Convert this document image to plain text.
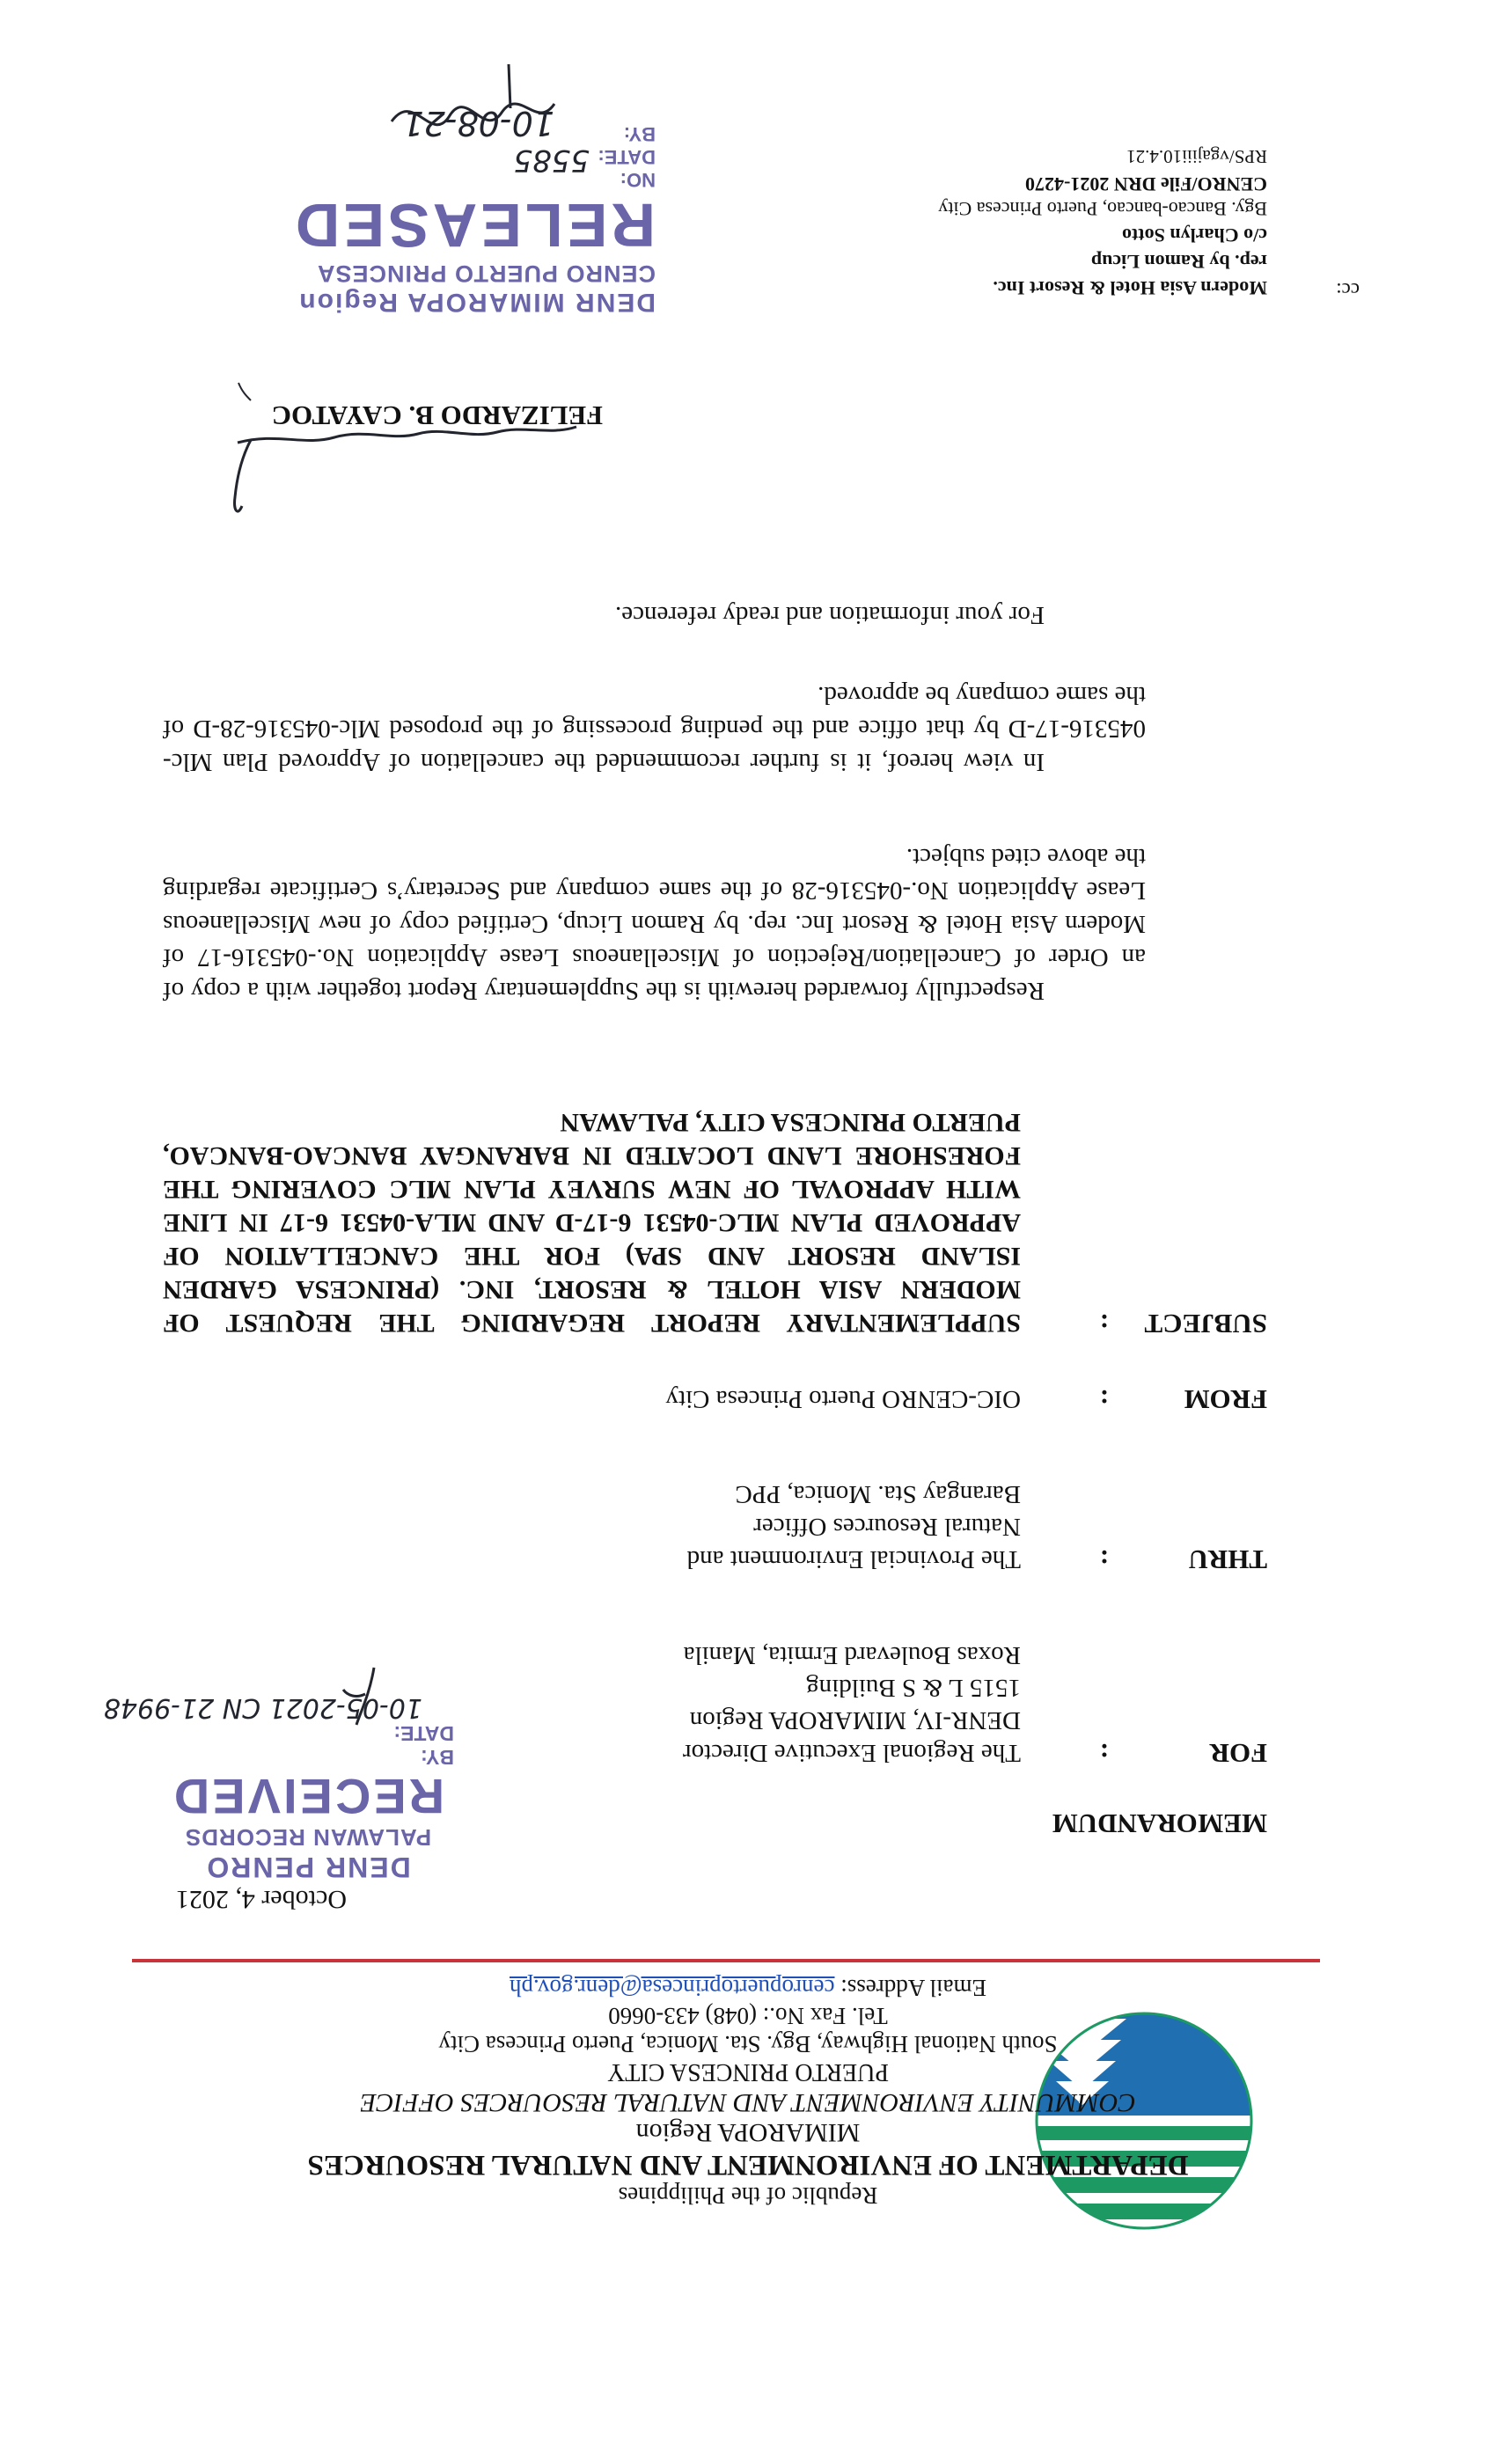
Republic of the Philippines
DEPARTMENT OF ENVIRONMENT AND NATURAL RESOURCES
MIMAROPA Region
COMMUNITY ENVIRONMENT AND NATURAL RESOURCES OFFICE
PUERTO PRINCESA CITY
South National Highway, Bgy. Sta. Monica, Puerto Princesa City
Tel. Fax No.: (048) 433-0660
Email Address: cenropuertoprincesa@denr.gov.ph
October 4, 2021
DENR PENRO
PALAWAN RECORDS
RECEIVED
BY:
DATE:
10-05-2021 CN 21-9948
MEMORANDUM
FOR
:
The Regional Executive Director
DENR-IV, MIMAROPA Region
1515 L & S Building
Roxas Boulevard Ermita, Manila
THRU
:
The Provincial Environment and
Natural Resources Officer
Barangay Sta. Monica, PPC
FROM
:
OIC-CENRO Puerto Princesa City
SUBJECT
:
SUPPLEMENTARY REPORT REGARDING THE REQUEST OF MODERN ASIA HOTEL & RESORT, INC. (PRINCESA GARDEN ISLAND RESORT AND SPA) FOR THE CANCELLATION OF APPROVED PLAN MLC-04531 6-17-D AND MLA-04531 6-17 IN LINE WITH APPROVAL OF NEW SURVEY PLAN MLC COVERING THE FORESHORE LAND LOCATED IN BARANGAY BANCAO-BANCAO, PUERTO PRINCESA CITY, PALAWAN
Respectfully forwarded herewith is the Supplementary Report together with a copy of an Order of Cancellation/Rejection of Miscellaneous Lease Application No.-045316-17 of Modern Asia Hotel & Resort Inc. rep. by Ramon Licup, Certified copy of new Miscellaneous Lease Application No.-045316-28 of the same company and Secretary’s Certificate regarding the above cited subject.
In view hereof, it is further recommended the cancellation of Approved Plan Mlc-045316-17-D by that office and the pending processing of the proposed Mlc-045316-28-D of the same company be approved.
For your information and ready reference.
FELIZARDO B. CAYATOC
DENR MIMAROPA Region
CENRO PUERTO PRINCESA
RELEASED
NO:
DATE:
BY:
5585
10-08-21
cc:
Modern Asia Hotel & Resort Inc.
rep. by Ramon Licup
c/o Charlyn Sotto
Bgy. Bancao-bancao, Puerto Princesa City
CENRO/File DRN 2021-4270
RPS/vgajiii10.4.21
